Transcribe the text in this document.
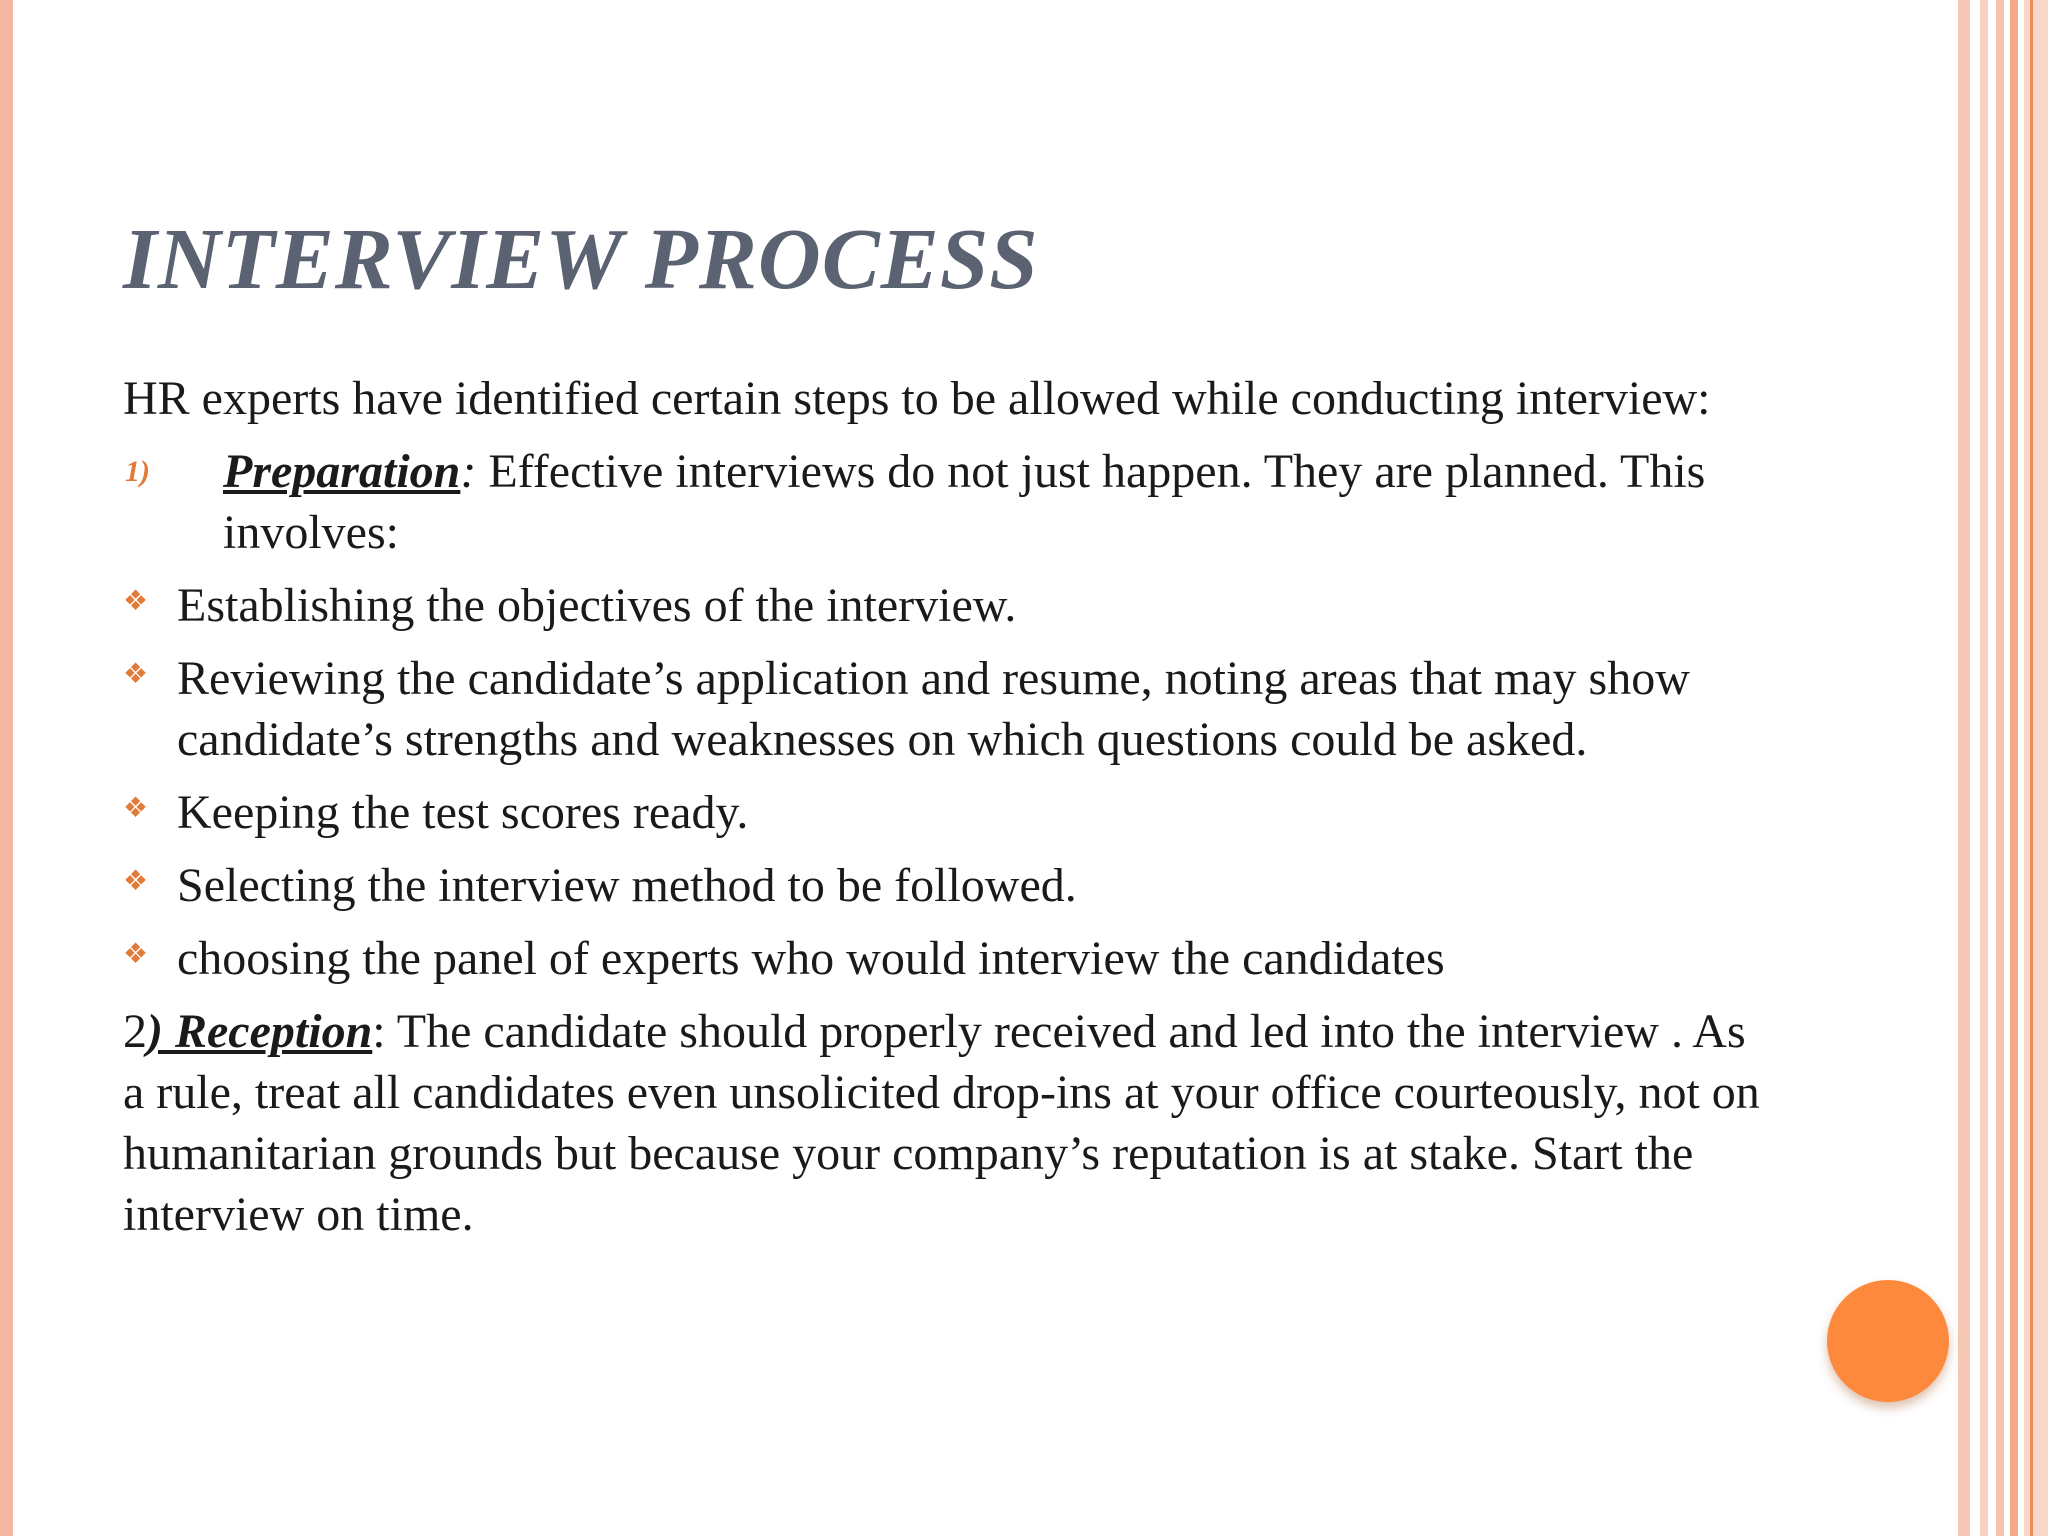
INTERVIEW PROCESS

HR experts have identified certain steps to be allowed while conducting interview:

1) Preparation: Effective interviews do not just happen. They are planned. This involves:
❖ Establishing the objectives of the interview.
❖ Reviewing the candidate’s application and resume, noting areas that may show candidate’s strengths and weaknesses on which questions could be asked.
❖ Keeping the test scores ready.
❖ Selecting the interview method to be followed.
❖ choosing the panel of experts who would interview the candidates

2) Reception: The candidate should properly received and led into the interview . As a rule, treat all candidates even unsolicited drop-ins at your office courteously, not on humanitarian grounds but because your company’s reputation is at stake. Start the interview on time.
